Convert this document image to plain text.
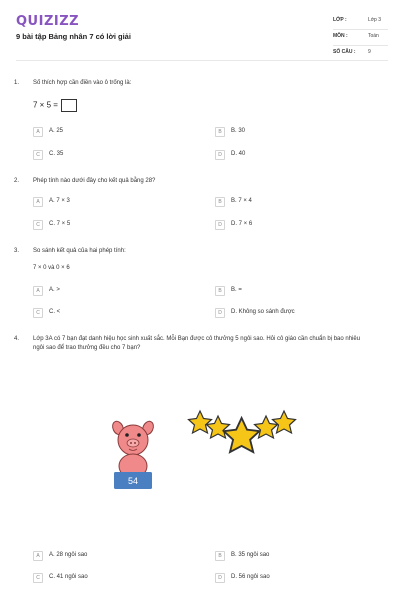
QUIZIZZ
9 bài tập Bảng nhân 7 có lời giải
LỚP :	Lớp 3
MÔN :	Toán
SỐ CÂU :	9
1. Số thích hợp cần điền vào ô trống là:
7 × 5 =
A	A. 25	B	B. 30
C	C. 35	D	D. 40
2. Phép tính nào dưới đây cho kết quả bằng 28?
A	A. 7 × 3	B	B. 7 × 4
C	C. 7 × 5	D	D. 7 × 6
3. So sánh kết quả của hai phép tính:
7 × 0 và 0 × 6
A	A. >	B	B. =
C	C. <	D	D. Không so sánh được
4. Lớp 3A có 7 bạn đạt danh hiệu học sinh xuất sắc. Mỗi Bạn được cô thưởng 5 ngôi sao. Hỏi cô giáo cần chuẩn bị bao nhiêu ngôi sao để trao thưởng đều cho 7 bạn?
54
A	A. 28 ngôi sao	B	B. 35 ngôi sao
C	C. 41 ngôi sao	D	D. 56 ngôi sao
